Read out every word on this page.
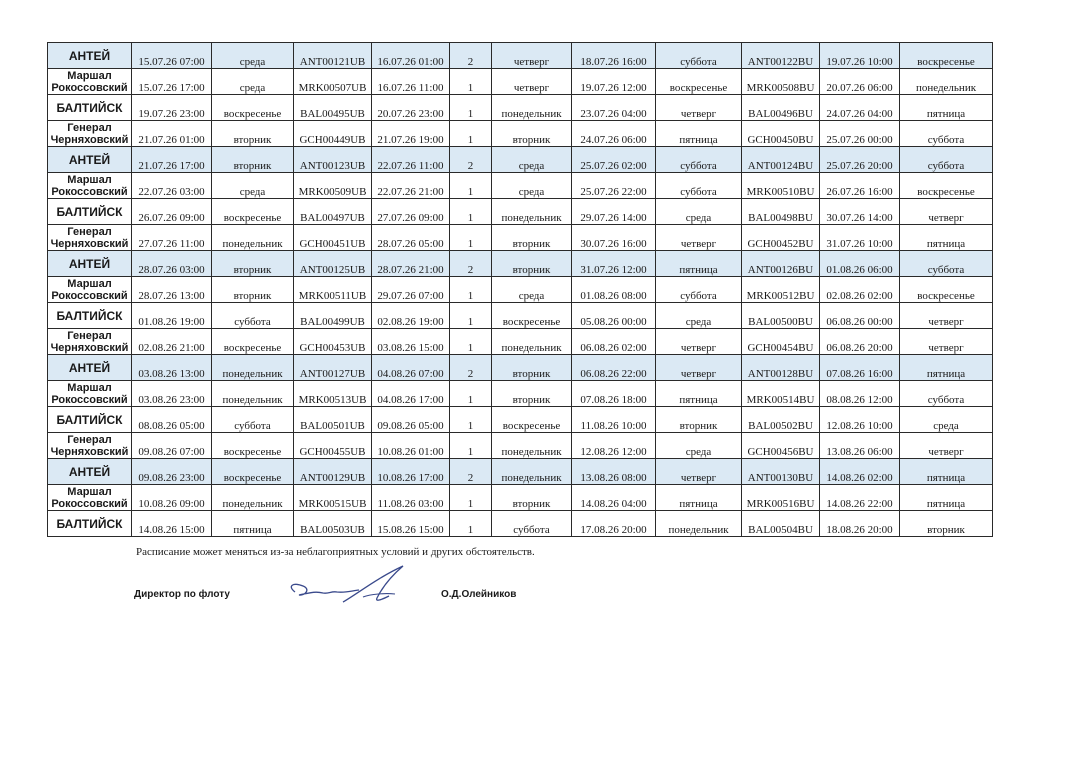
АНТЕЙ	15.07.26 07:00	среда	ANT00121UB	16.07.26 01:00	2	четверг	18.07.26 16:00	суббота	ANT00122BU	19.07.26 10:00	воскресенье
Маршал Рокоссовский	15.07.26 17:00	среда	MRK00507UB	16.07.26 11:00	1	четверг	19.07.26 12:00	воскресенье	MRK00508BU	20.07.26 06:00	понедельник
БАЛТИЙСК	19.07.26 23:00	воскресенье	BAL00495UB	20.07.26 23:00	1	понедельник	23.07.26 04:00	четверг	BAL00496BU	24.07.26 04:00	пятница
Генерал Черняховский	21.07.26 01:00	вторник	GCH00449UB	21.07.26 19:00	1	вторник	24.07.26 06:00	пятница	GCH00450BU	25.07.26 00:00	суббота
АНТЕЙ	21.07.26 17:00	вторник	ANT00123UB	22.07.26 11:00	2	среда	25.07.26 02:00	суббота	ANT00124BU	25.07.26 20:00	суббота
Маршал Рокоссовский	22.07.26 03:00	среда	MRK00509UB	22.07.26 21:00	1	среда	25.07.26 22:00	суббота	MRK00510BU	26.07.26 16:00	воскресенье
БАЛТИЙСК	26.07.26 09:00	воскресенье	BAL00497UB	27.07.26 09:00	1	понедельник	29.07.26 14:00	среда	BAL00498BU	30.07.26 14:00	четверг
Генерал Черняховский	27.07.26 11:00	понедельник	GCH00451UB	28.07.26 05:00	1	вторник	30.07.26 16:00	четверг	GCH00452BU	31.07.26 10:00	пятница
АНТЕЙ	28.07.26 03:00	вторник	ANT00125UB	28.07.26 21:00	2	вторник	31.07.26 12:00	пятница	ANT00126BU	01.08.26 06:00	суббота
Маршал Рокоссовский	28.07.26 13:00	вторник	MRK00511UB	29.07.26 07:00	1	среда	01.08.26 08:00	суббота	MRK00512BU	02.08.26 02:00	воскресенье
БАЛТИЙСК	01.08.26 19:00	суббота	BAL00499UB	02.08.26 19:00	1	воскресенье	05.08.26 00:00	среда	BAL00500BU	06.08.26 00:00	четверг
Генерал Черняховский	02.08.26 21:00	воскресенье	GCH00453UB	03.08.26 15:00	1	понедельник	06.08.26 02:00	четверг	GCH00454BU	06.08.26 20:00	четверг
АНТЕЙ	03.08.26 13:00	понедельник	ANT00127UB	04.08.26 07:00	2	вторник	06.08.26 22:00	четверг	ANT00128BU	07.08.26 16:00	пятница
Маршал Рокоссовский	03.08.26 23:00	понедельник	MRK00513UB	04.08.26 17:00	1	вторник	07.08.26 18:00	пятница	MRK00514BU	08.08.26 12:00	суббота
БАЛТИЙСК	08.08.26 05:00	суббота	BAL00501UB	09.08.26 05:00	1	воскресенье	11.08.26 10:00	вторник	BAL00502BU	12.08.26 10:00	среда
Генерал Черняховский	09.08.26 07:00	воскресенье	GCH00455UB	10.08.26 01:00	1	понедельник	12.08.26 12:00	среда	GCH00456BU	13.08.26 06:00	четверг
АНТЕЙ	09.08.26 23:00	воскресенье	ANT00129UB	10.08.26 17:00	2	понедельник	13.08.26 08:00	четверг	ANT00130BU	14.08.26 02:00	пятница
Маршал Рокоссовский	10.08.26 09:00	понедельник	MRK00515UB	11.08.26 03:00	1	вторник	14.08.26 04:00	пятница	MRK00516BU	14.08.26 22:00	пятница
БАЛТИЙСК	14.08.26 15:00	пятница	BAL00503UB	15.08.26 15:00	1	суббота	17.08.26 20:00	понедельник	BAL00504BU	18.08.26 20:00	вторник
Расписание может меняться из-за неблагоприятных условий и других обстоятельств.
Директор по флоту	О.Д.Олейников
